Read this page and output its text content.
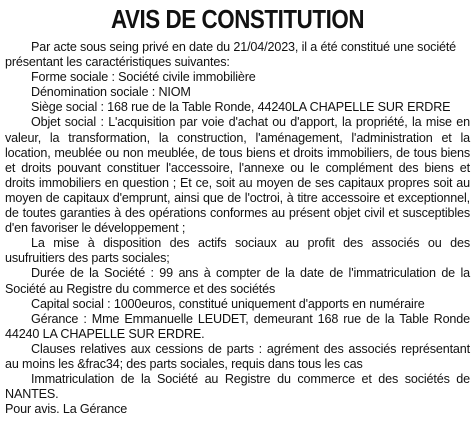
AVIS DE CONSTITUTION

Par acte sous seing privé en date du 21/04/2023, il a été constitué une société présentant les caractéristiques suivantes:

Forme sociale : Société civile immobilière

Dénomination sociale : NIOM

Siège social : 168 rue de la Table Ronde, 44240LA CHAPELLE SUR ERDRE

Objet social : L'acquisition par voie d'achat ou d'apport, la propriété, la mise en valeur, la transformation, la construction, l'aménagement, l'administration et la location, meublée ou non meublée, de tous biens et droits immobiliers, de tous biens et droits pouvant constituer l'accessoire, l'annexe ou le complément des biens et droits immobiliers en question ; Et ce, soit au moyen de ses capitaux propres soit au moyen de capitaux d'emprunt, ainsi que de l'octroi, à titre accessoire et exceptionnel, de toutes garanties à des opérations conformes au présent objet civil et susceptibles d'en favoriser le développement ;

La mise à disposition des actifs sociaux au profit des associés ou des usufruitiers des parts sociales;

Durée de la Société : 99 ans à compter de la date de l'immatriculation de la Société au Registre du commerce et des sociétés

Capital social : 1000euros, constitué uniquement d'apports en numéraire

Gérance : Mme Emmanuelle LEUDET, demeurant 168 rue de la Table Ronde 44240 LA CHAPELLE SUR ERDRE.

Clauses relatives aux cessions de parts : agrément des associés représentant au moins les &frac34; des parts sociales, requis dans tous les cas

Immatriculation de la Société au Registre du commerce et des sociétés de NANTES.

Pour avis. La Gérance
